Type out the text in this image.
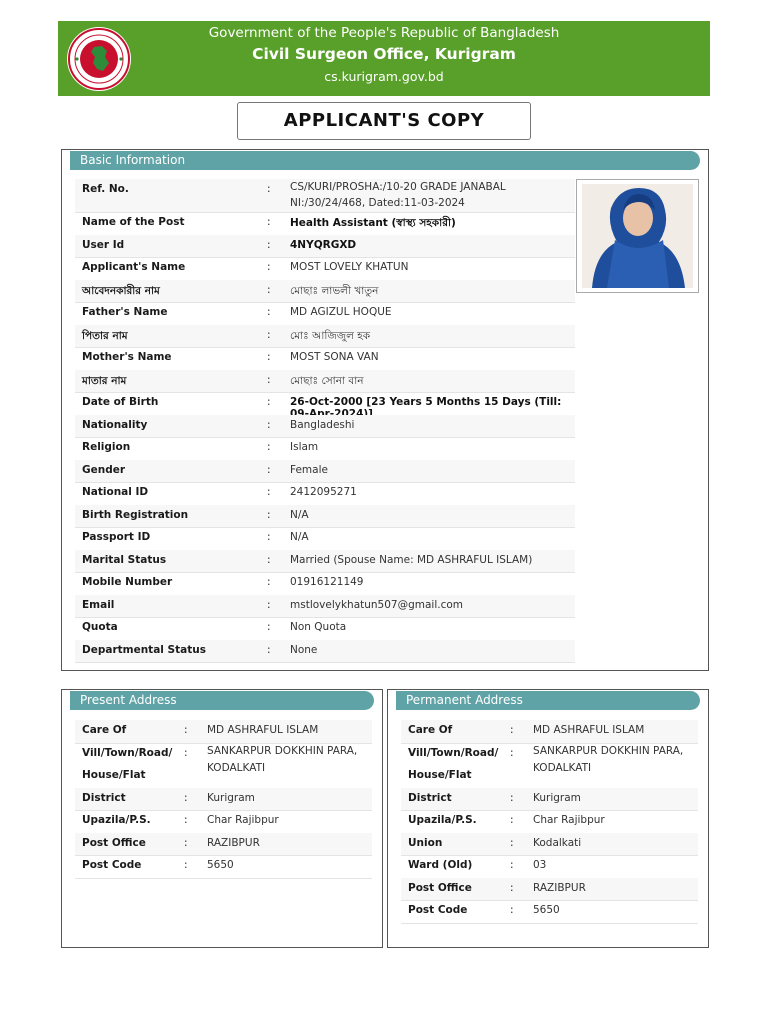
Government of the People's Republic of Bangladesh
Civil Surgeon Office, Kurigram
cs.kurigram.gov.bd
APPLICANT'S COPY
Basic Information
Ref. No.	: CS/KURI/PROSHA:/10-20 GRADE JANABAL
NI:/30/24/468, Dated:11-03-2024
Name of the Post	: Health Assistant (স্বাস্থ্য সহকারী)
User Id	: 4NYQRGXD
Applicant's Name	: MOST LOVELY KHATUN
আবেদনকারীর নাম	: মোছাঃ লাভলী খাতুন
Father's Name	: MD AGIZUL HOQUE
পিতার নাম	: মোঃ আজিজুল হক
Mother's Name	: MOST SONA VAN
মাতার নাম	: মোছাঃ সোনা বান
Date of Birth	: 26-Oct-2000 [23 Years 5 Months 15 Days (Till:
Nationality	: Bangladeshi
Religion	: Islam
Gender	: Female
National ID	: 2412095271
Birth Registration	: N/A
Passport ID	: N/A
Marital Status	: Married (Spouse Name: MD ASHRAFUL ISLAM)
Mobile Number	: 01916121149
Email	: mstlovelykhatun507@gmail.com
Quota	: Non Quota
Departmental Status	: None
Present Address
Care Of	: MD ASHRAFUL ISLAM
Vill/Town/Road/
House/Flat
: SANKARPUR DOKKHIN PARA,
KODALKATI
District	: Kurigram
Upazila/P.S.	: Char Rajibpur
Post Office	: RAZIBPUR
Post Code	: 5650
Permanent Address
Care Of	: MD ASHRAFUL ISLAM
Vill/Town/Road/
House/Flat
: SANKARPUR DOKKHIN PARA,
KODALKATI
District	: Kurigram
Upazila/P.S.	: Char Rajibpur
Union	: Kodalkati
Ward (Old)	: 03
Post Office	: RAZIBPUR
Post Code	: 5650
